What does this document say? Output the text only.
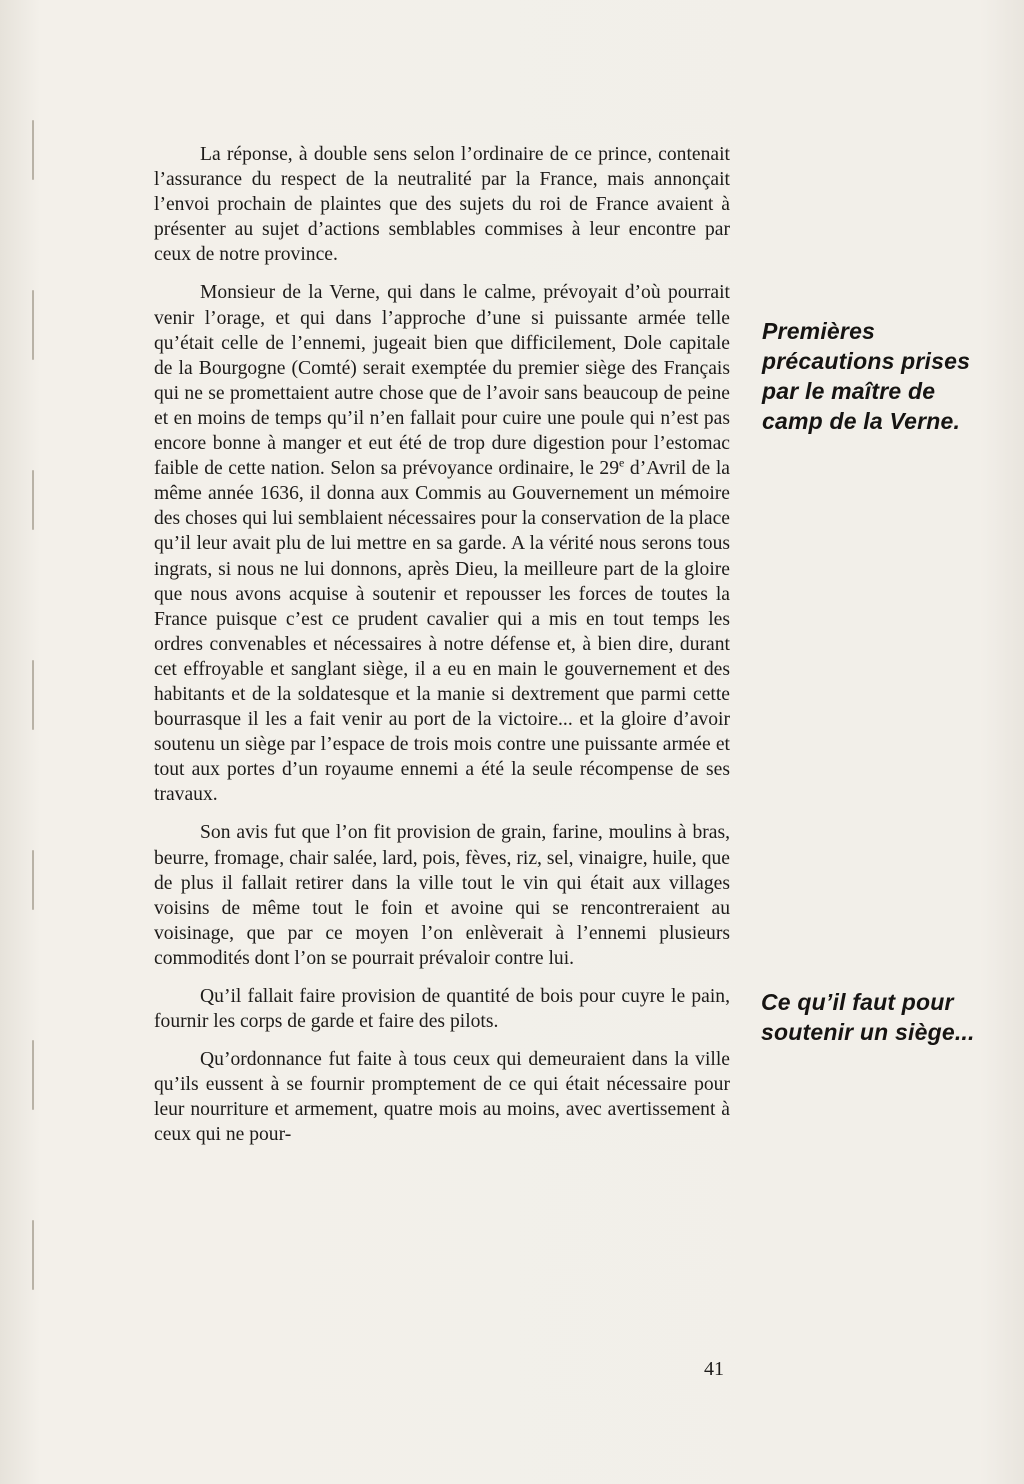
La réponse, à double sens selon l’ordinaire de ce prince, contenait l’assurance du respect de la neutralité par la France, mais annonçait l’envoi prochain de plaintes que des sujets du roi de France avaient à présenter au sujet d’actions semblables commises à leur encontre par ceux de notre province.

Monsieur de la Verne, qui dans le calme, prévoyait d’où pourrait venir l’orage, et qui dans l’approche d’une si puissante armée telle qu’était celle de l’ennemi, jugeait bien que difficilement, Dole capitale de la Bourgogne (Comté) serait exemptée du premier siège des Français qui ne se promettaient autre chose que de l’avoir sans beaucoup de peine et en moins de temps qu’il n’en fallait pour cuire une poule qui n’est pas encore bonne à manger et eut été de trop dure digestion pour l’estomac faible de cette nation. Selon sa prévoyance ordinaire, le 29e d’Avril de la même année 1636, il donna aux Commis au Gouvernement un mémoire des choses qui lui semblaient nécessaires pour la conservation de la place qu’il leur avait plu de lui mettre en sa garde. A la vérité nous serons tous ingrats, si nous ne lui donnons, après Dieu, la meilleure part de la gloire que nous avons acquise à soutenir et repousser les forces de toutes la France puisque c’est ce prudent cavalier qui a mis en tout temps les ordres convenables et nécessaires à notre défense et, à bien dire, durant cet effroyable et sanglant siège, il a eu en main le gouvernement et des habitants et de la soldatesque et la manie si dextrement que parmi cette bourrasque il les a fait venir au port de la victoire... et la gloire d’avoir soutenu un siège par l’espace de trois mois contre une puissante armée et tout aux portes d’un royaume ennemi a été la seule récompense de ses travaux.

Son avis fut que l’on fit provision de grain, farine, moulins à bras, beurre, fromage, chair salée, lard, pois, fèves, riz, sel, vinaigre, huile, que de plus il fallait retirer dans la ville tout le vin qui était aux villages voisins de même tout le foin et avoine qui se rencontreraient au voisinage, que par ce moyen l’on enlèverait à l’ennemi plusieurs commodités dont l’on se pourrait prévaloir contre lui.

Qu’il fallait faire provision de quantité de bois pour cuyre le pain, fournir les corps de garde et faire des pilots.

Qu’ordonnance fut faite à tous ceux qui demeuraient dans la ville qu’ils eussent à se fournir promptement de ce qui était nécessaire pour leur nourriture et armement, quatre mois au moins, avec avertissement à ceux qui ne pour-

Premières précautions prises par le maître de camp de la Verne.
Ce qu’il faut pour soutenir un siège...
41
